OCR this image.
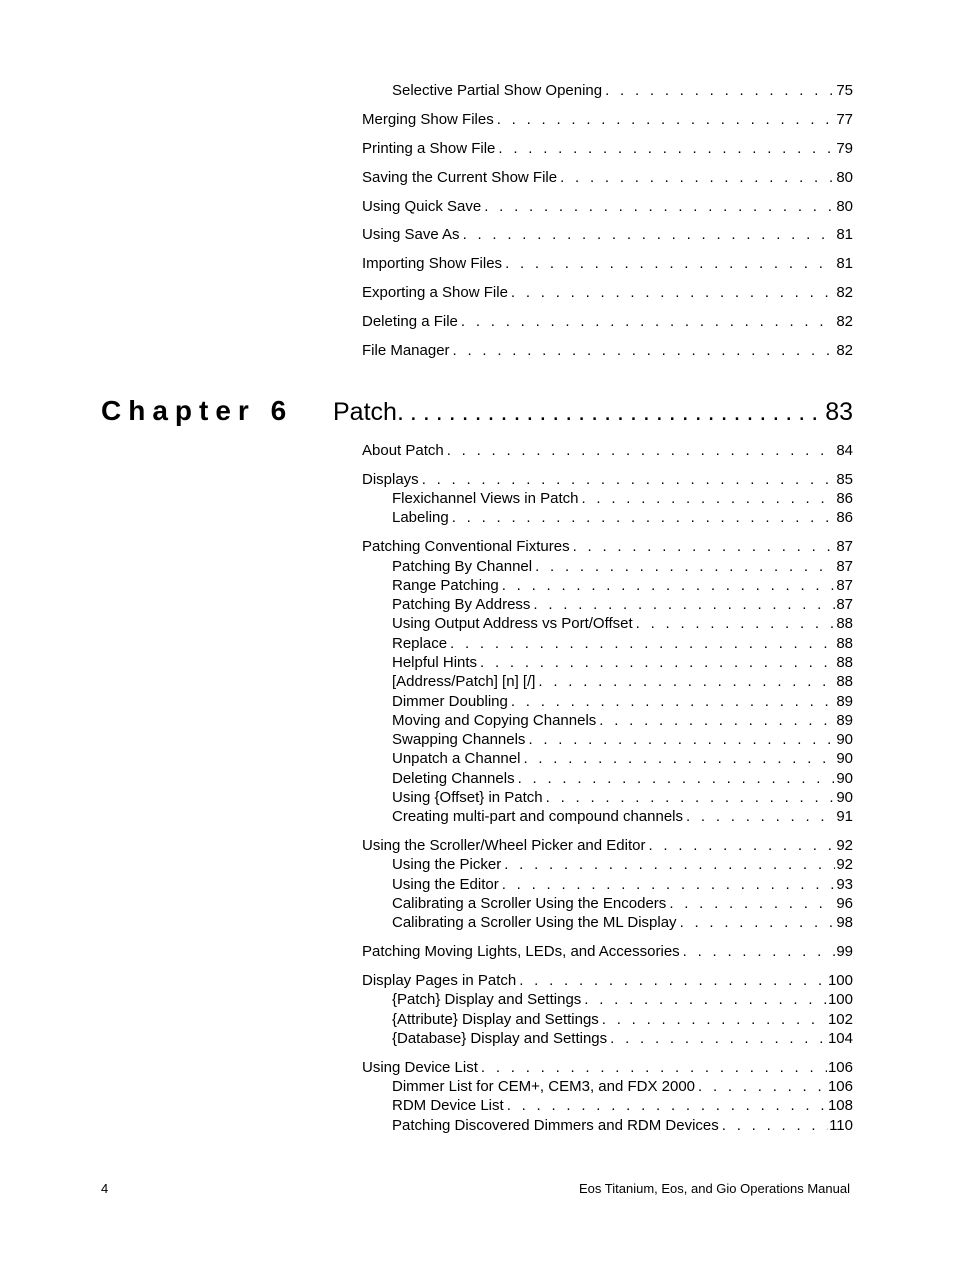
Selective Partial Show Opening . . .	75
Merging Show Files . . .	77
Printing a Show File . . .	79
Saving the Current Show File . . .	80
Using Quick Save . . .	80
Using Save As . . .	81
Importing Show Files . . .	81
Exporting a Show File . . .	82
Deleting a File . . .	82
File Manager . . .	82
Chapter 6 Patch .....	83
About Patch . . .	84
Displays . . .	85
Flexichannel Views in Patch . . .	86
Labeling . . .	86
Patching Conventional Fixtures . . .	87
Patching By Channel . . .	87
Range Patching . . .	87
Patching By Address . . .	87
Using Output Address vs Port/Offset . . .	88
Replace . . .	88
Helpful Hints . . .	88
[Address/Patch] [n] [/] . . .	88
Dimmer Doubling . . .	89
Moving and Copying Channels . . .	89
Swapping Channels . . .	90
Unpatch a Channel . . .	90
Deleting Channels . . .	90
Using {Offset} in Patch . . .	90
Creating multi-part and compound channels . . .	91
Using the Scroller/Wheel Picker and Editor . . .	92
Using the Picker . . .	92
Using the Editor . . .	93
Calibrating a Scroller Using the Encoders . . .	96
Calibrating a Scroller Using the ML Display . . .	98
Patching Moving Lights, LEDs, and Accessories . . .	99
Display Pages in Patch . . .	100
{Patch} Display and Settings . . .	100
{Attribute} Display and Settings . . .	102
{Database} Display and Settings . . .	104
Using Device List . . .	106
Dimmer List for CEM+, CEM3, and FDX 2000 . . .	106
RDM Device List . . .	108
Patching Discovered Dimmers and RDM Devices . . .	110
4	Eos Titanium, Eos, and Gio Operations Manual
